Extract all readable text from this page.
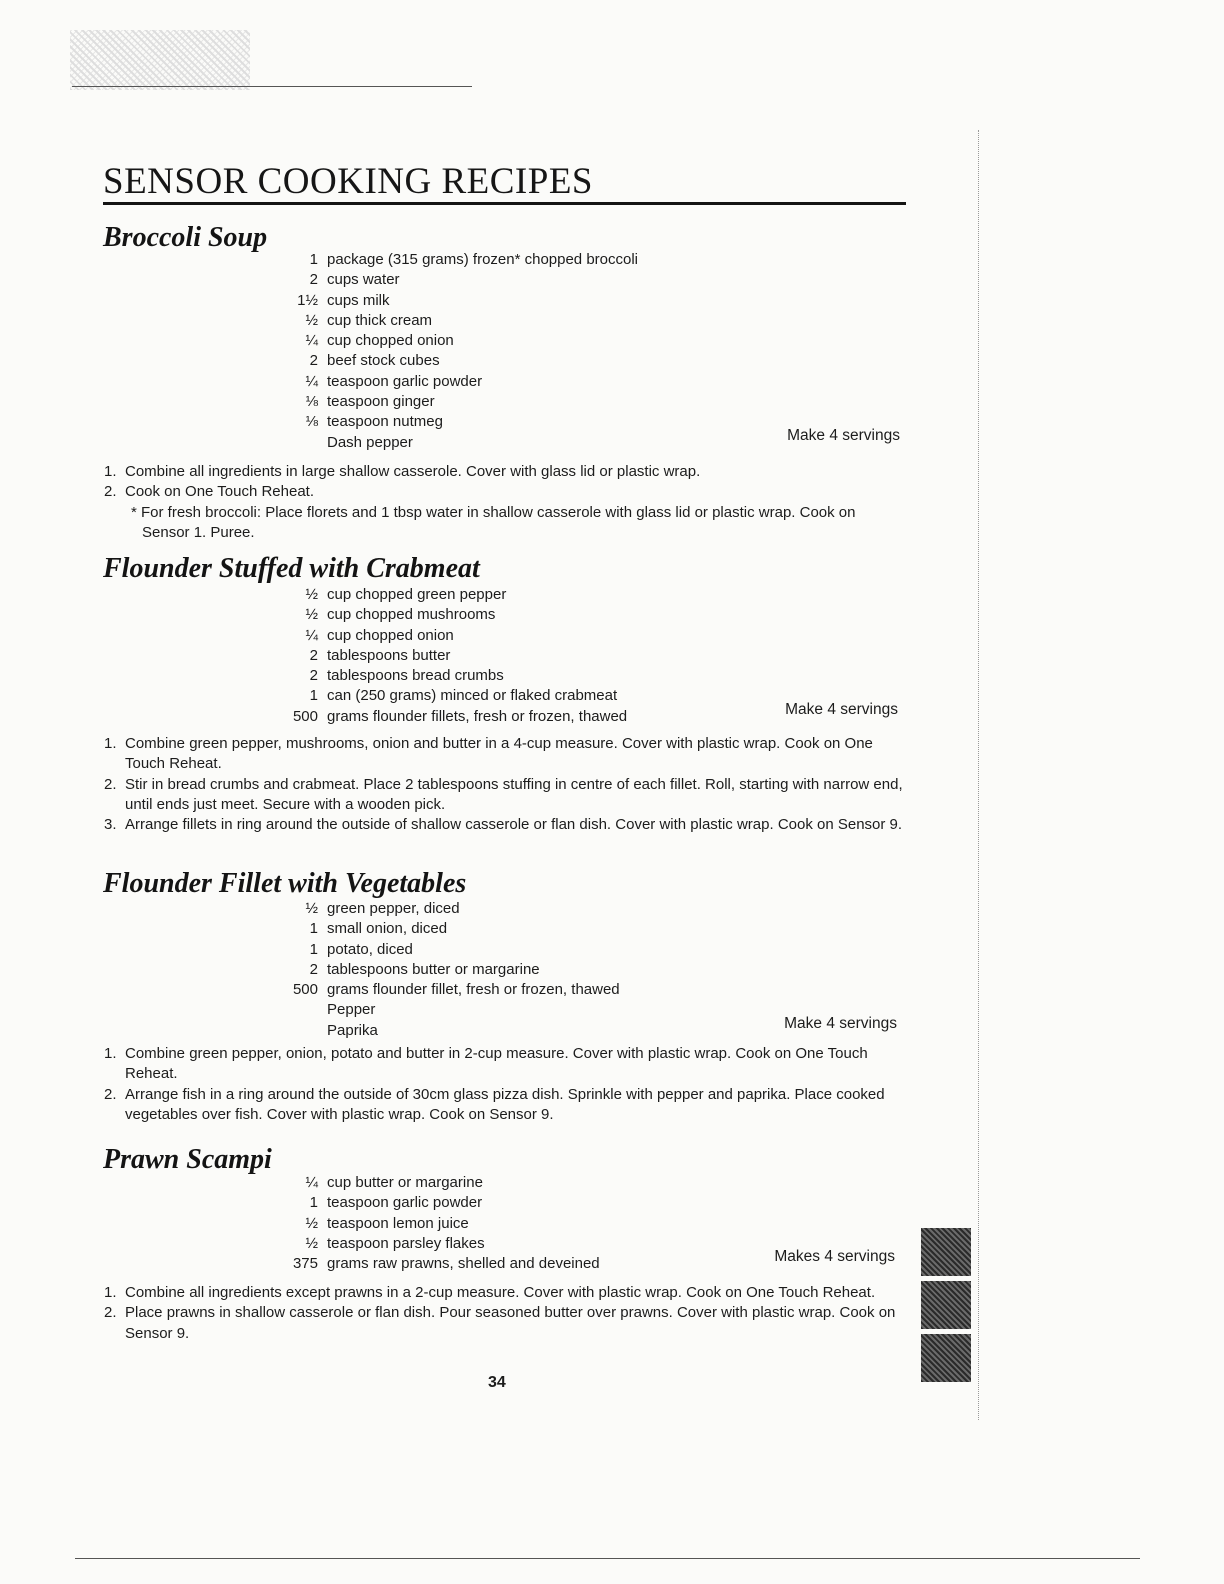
SENSOR COOKING RECIPES
Broccoli Soup
1 package (315 grams) frozen* chopped broccoli
2 cups water
1½ cups milk
½ cup thick cream
¼ cup chopped onion
2 beef stock cubes
¼ teaspoon garlic powder
⅛ teaspoon ginger
⅛ teaspoon nutmeg
Dash pepper	Make 4 servings
1. Combine all ingredients in large shallow casserole. Cover with glass lid or plastic wrap.
2. Cook on One Touch Reheat.
* For fresh broccoli: Place florets and 1 tbsp water in shallow casserole with glass lid or plastic wrap. Cook on Sensor 1. Puree.
Flounder Stuffed with Crabmeat
½ cup chopped green pepper
½ cup chopped mushrooms
¼ cup chopped onion
2 tablespoons butter
2 tablespoons bread crumbs
1 can (250 grams) minced or flaked crabmeat
500 grams flounder fillets, fresh or frozen, thawed	Make 4 servings
1. Combine green pepper, mushrooms, onion and butter in a 4-cup measure. Cover with plastic wrap. Cook on One Touch Reheat.
2. Stir in bread crumbs and crabmeat. Place 2 tablespoons stuffing in centre of each fillet. Roll, starting with narrow end, until ends just meet. Secure with a wooden pick.
3. Arrange fillets in ring around the outside of shallow casserole or flan dish. Cover with plastic wrap. Cook on Sensor 9.
Flounder Fillet with Vegetables
½ green pepper, diced
1 small onion, diced
1 potato, diced
2 tablespoons butter or margarine
500 grams flounder fillet, fresh or frozen, thawed
Pepper
Paprika	Make 4 servings
1. Combine green pepper, onion, potato and butter in 2-cup measure. Cover with plastic wrap. Cook on One Touch Reheat.
2. Arrange fish in a ring around the outside of 30cm glass pizza dish. Sprinkle with pepper and paprika. Place cooked vegetables over fish. Cover with plastic wrap. Cook on Sensor 9.
Prawn Scampi
¼ cup butter or margarine
1 teaspoon garlic powder
½ teaspoon lemon juice
½ teaspoon parsley flakes
375 grams raw prawns, shelled and deveined	Makes 4 servings
1. Combine all ingredients except prawns in a 2-cup measure. Cover with plastic wrap. Cook on One Touch Reheat.
2. Place prawns in shallow casserole or flan dish. Pour seasoned butter over prawns. Cover with plastic wrap. Cook on Sensor 9.
34
